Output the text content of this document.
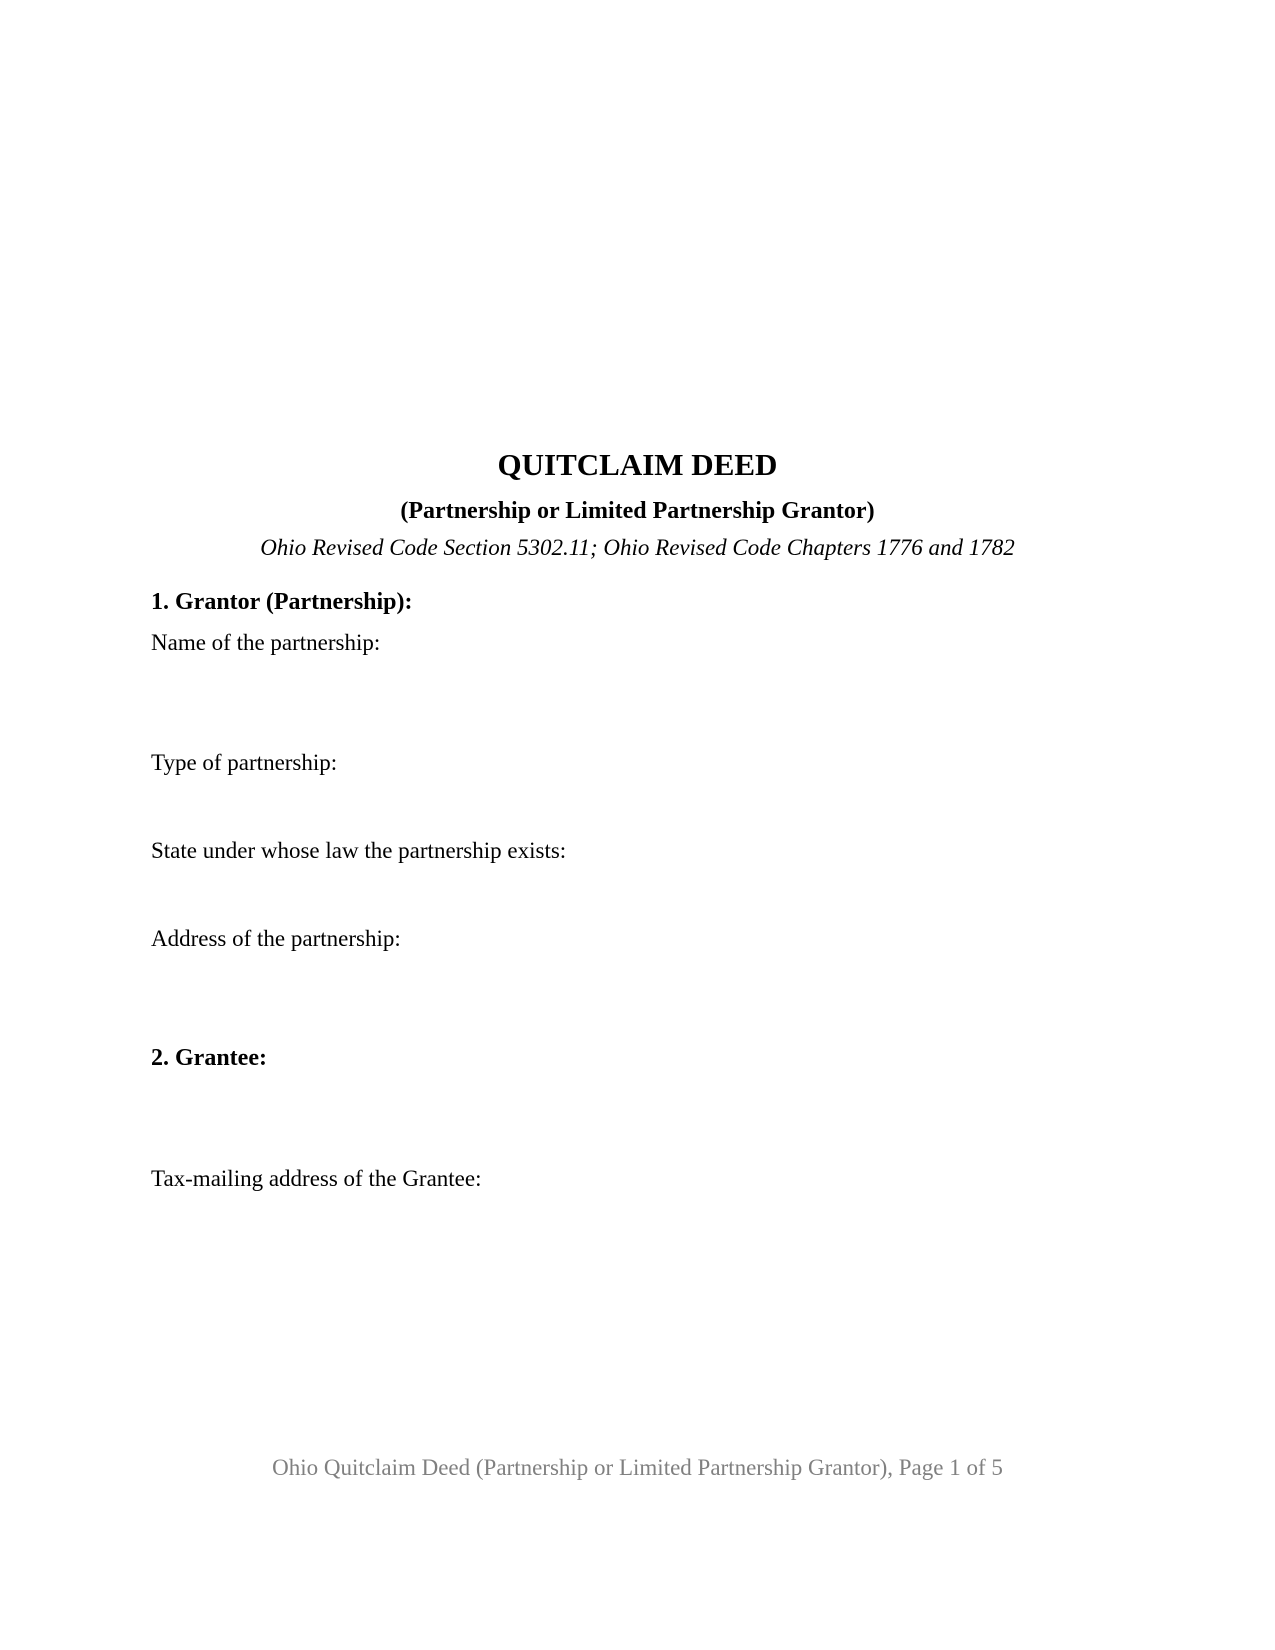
QUITCLAIM DEED
(Partnership or Limited Partnership Grantor)
Ohio Revised Code Section 5302.11; Ohio Revised Code Chapters 1776 and 1782
1. Grantor (Partnership):
Name of the partnership:
Type of partnership:
State under whose law the partnership exists:
Address of the partnership:
2. Grantee:
Tax-mailing address of the Grantee:
Ohio Quitclaim Deed (Partnership or Limited Partnership Grantor), Page 1 of 5
